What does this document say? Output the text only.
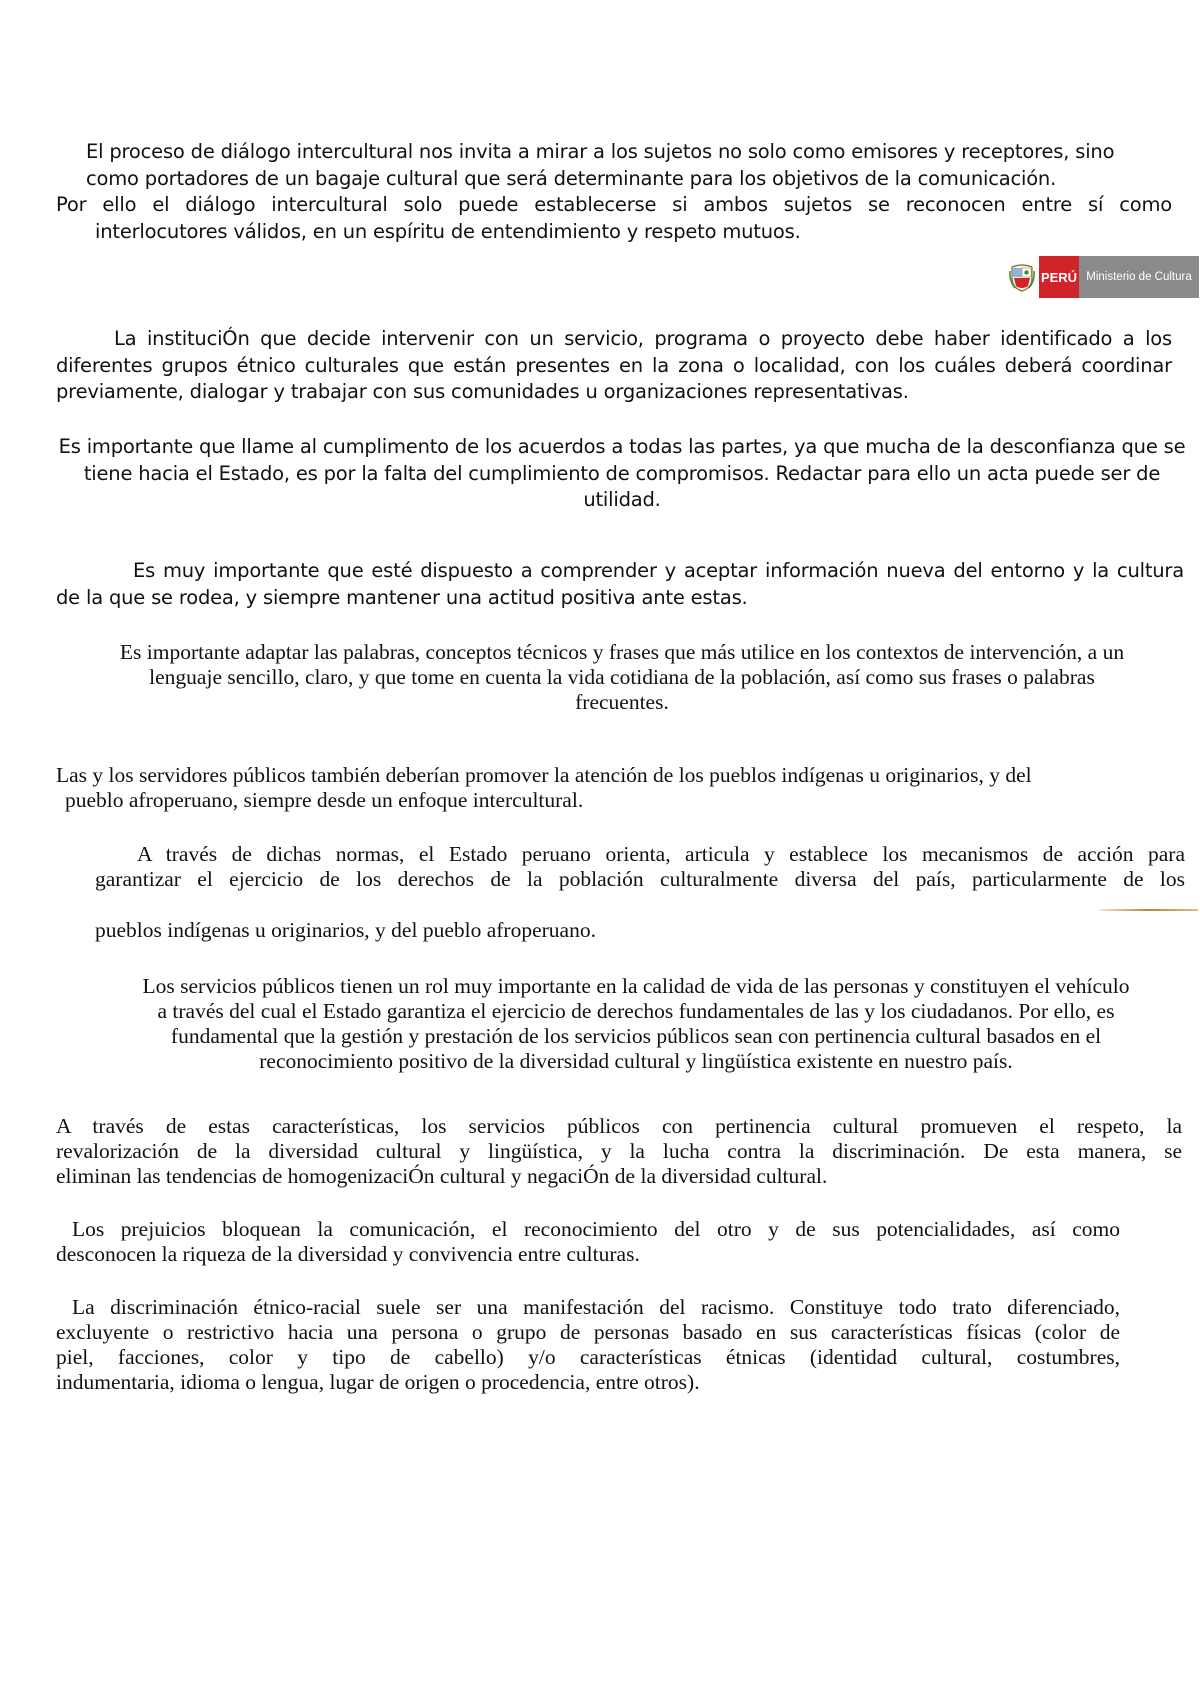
El proceso de diálogo intercultural nos invita a mirar a los sujetos no solo como emisores y receptores, sino
como portadores de un bagaje cultural que será determinante para los objetivos de la comunicación.
Por ello el diálogo intercultural solo puede establecerse si ambos sujetos se reconocen entre sí como
interlocutores válidos, en un espíritu de entendimiento y respeto mutuos.
PERÚ Ministerio de Cultura
La instituciÓn que decide intervenir con un servicio, programa o proyecto debe haber identificado a los
diferentes grupos étnico culturales que están presentes en la zona o localidad, con los cuáles deberá coordinar
previamente, dialogar y trabajar con sus comunidades u organizaciones representativas.
Es importante que llame al cumplimento de los acuerdos a todas las partes, ya que mucha de la desconfianza que se
tiene hacia el Estado, es por la falta del cumplimiento de compromisos. Redactar para ello un acta puede ser de
utilidad.
Es muy importante que esté dispuesto a comprender y aceptar información nueva del entorno y la cultura
de la que se rodea, y siempre mantener una actitud positiva ante estas.
Es importante adaptar las palabras, conceptos técnicos y frases que más utilice en los contextos de intervención, a un
lenguaje sencillo, claro, y que tome en cuenta la vida cotidiana de la población, así como sus frases o palabras
frecuentes.
Las y los servidores públicos también deberían promover la atención de los pueblos indígenas u originarios, y del
pueblo afroperuano, siempre desde un enfoque intercultural.
A través de dichas normas, el Estado peruano orienta, articula y establece los mecanismos de acción para
garantizar el ejercicio de los derechos de la población culturalmente diversa del país, particularmente de los
pueblos indígenas u originarios, y del pueblo afroperuano.
Los servicios públicos tienen un rol muy importante en la calidad de vida de las personas y constituyen el vehículo
a través del cual el Estado garantiza el ejercicio de derechos fundamentales de las y los ciudadanos. Por ello, es
fundamental que la gestión y prestación de los servicios públicos sean con pertinencia cultural basados en el
reconocimiento positivo de la diversidad cultural y lingüística existente en nuestro país.
A través de estas características, los servicios públicos con pertinencia cultural promueven el respeto, la
revalorización de la diversidad cultural y lingüística, y la lucha contra la discriminación. De esta manera, se
eliminan las tendencias de homogenizaciÓn cultural y negaciÓn de la diversidad cultural.
Los prejuicios bloquean la comunicación, el reconocimiento del otro y de sus potencialidades, así como
desconocen la riqueza de la diversidad y convivencia entre culturas.
La discriminación étnico-racial suele ser una manifestación del racismo. Constituye todo trato diferenciado,
excluyente o restrictivo hacia una persona o grupo de personas basado en sus características físicas (color de
piel, facciones, color y tipo de cabello) y/o características étnicas (identidad cultural, costumbres,
indumentaria, idioma o lengua, lugar de origen o procedencia, entre otros).
